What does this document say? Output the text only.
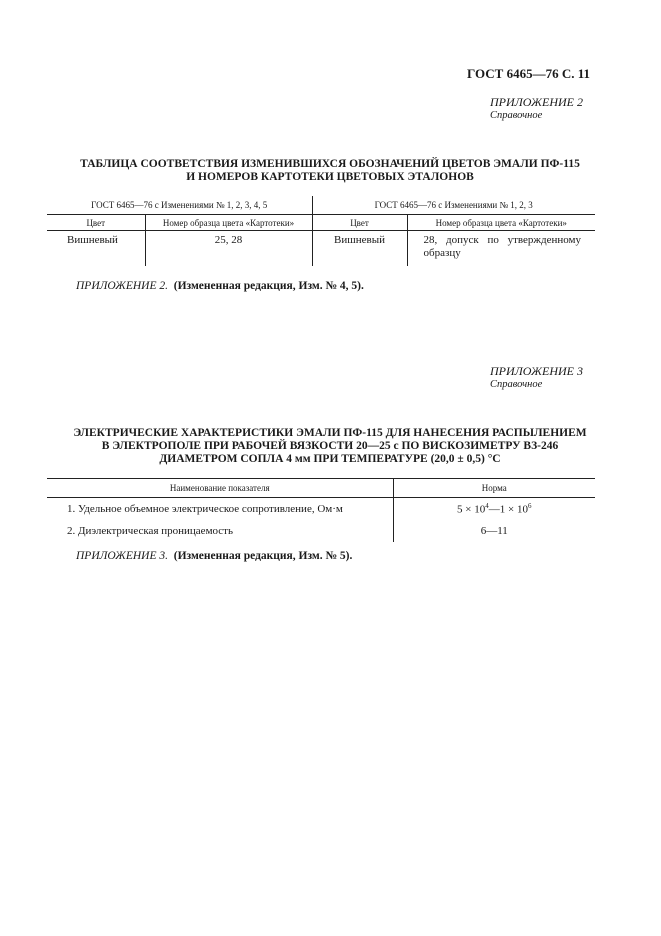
ГОСТ 6465—76 С. 11
ПРИЛОЖЕНИЕ 2
Справочное
ТАБЛИЦА СООТВЕТСТВИЯ ИЗМЕНИВШИХСЯ ОБОЗНАЧЕНИЙ ЦВЕТОВ ЭМАЛИ ПФ-115
И НОМЕРОВ КАРТОТЕКИ ЦВЕТОВЫХ ЭТАЛОНОВ
ГОСТ 6465—76 с Изменениями № 1, 2, 3, 4, 5		ГОСТ 6465—76 с Изменениями № 1, 2, 3	
Цвет	Номер образца цвета «Картотеки»	Цвет	Номер образца цвета «Картотеки»
Вишневый	25, 28	Вишневый	28, допуск по утвержденному образцу
ПРИЛОЖЕНИЕ 2. (Измененная редакция, Изм. № 4, 5).
ПРИЛОЖЕНИЕ 3
Справочное
ЭЛЕКТРИЧЕСКИЕ ХАРАКТЕРИСТИКИ ЭМАЛИ ПФ-115 ДЛЯ НАНЕСЕНИЯ РАСПЫЛЕНИЕМ
В ЭЛЕКТРОПОЛЕ ПРИ РАБОЧЕЙ ВЯЗКОСТИ 20—25 с ПО ВИСКОЗИМЕТРУ ВЗ-246
ДИАМЕТРОМ СОПЛА 4 мм ПРИ ТЕМПЕРАТУРЕ (20,0 ± 0,5) °С
Наименование показателя	Норма
1. Удельное объемное электрическое сопротивление, Ом·м	$5 \times 10^4—1 \times 10^6$
2. Диэлектрическая проницаемость	6—11
ПРИЛОЖЕНИЕ 3. (Измененная редакция, Изм. № 5).
